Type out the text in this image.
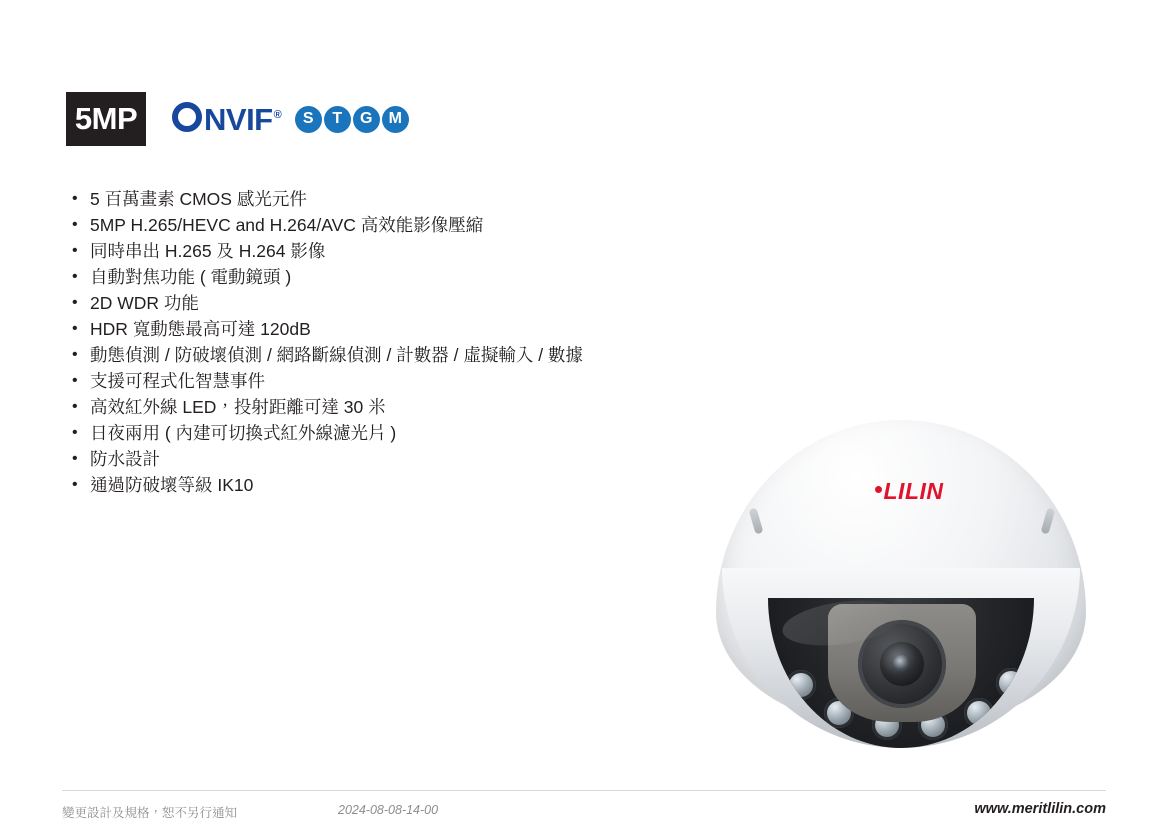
5MP NVIF ®	S	T	G	M
• 5 百萬畫素 CMOS 感光元件
• 5MP H.265/HEVC and H.264/AVC 高效能影像壓縮
• 同時串出 H.265 及 H.264 影像
• 自動對焦功能 ( 電動鏡頭 )
• 2D WDR 功能
• HDR 寬動態最高可達 120dB
• 動態偵測 / 防破壞偵測 / 網路斷線偵測 / 計數器 / 虛擬輸入 / 數據
• 支援可程式化智慧事件
• 高效紅外線 LED，投射距離可達 30 米
• 日夜兩用 ( 內建可切換式紅外線濾光片 )
• 防水設計
• 通過防破壞等級 IK10	LILIN
變更設計及規格，恕不另行通知	2024-08-08-14-00	www.meritlilin.com
